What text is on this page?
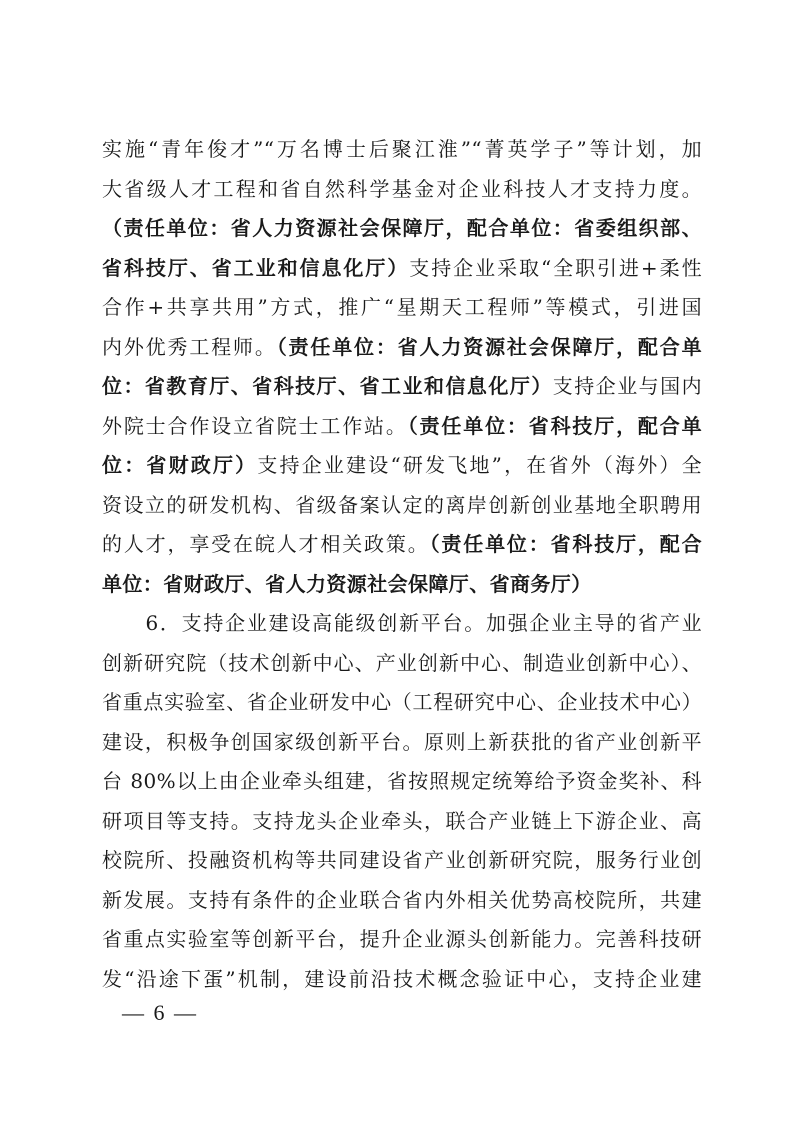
实施“青年俊才”“万名博士后聚江淮”“菁英学子”等计划，加
大省级人才工程和省自然科学基金对企业科技人才支持力度。
（责任单位：省人力资源社会保障厅，配合单位：省委组织部、
省科技厅、省工业和信息化厅）支持企业采取“全职引进+柔性
合作+共享共用”方式，推广“星期天工程师”等模式，引进国
内外优秀工程师。（责任单位：省人力资源社会保障厅，配合单
位：省教育厅、省科技厅、省工业和信息化厅）支持企业与国内
外院士合作设立省院士工作站。（责任单位：省科技厅，配合单
位：省财政厅）支持企业建设“研发飞地”，在省外（海外）全
资设立的研发机构、省级备案认定的离岸创新创业基地全职聘用
的人才，享受在皖人才相关政策。（责任单位：省科技厅，配合
单位：省财政厅、省人力资源社会保障厅、省商务厅）
　　6．支持企业建设高能级创新平台。加强企业主导的省产业
创新研究院（技术创新中心、产业创新中心、制造业创新中心）、
省重点实验室、省企业研发中心（工程研究中心、企业技术中心）
建设，积极争创国家级创新平台。原则上新获批的省产业创新平
台 80%以上由企业牵头组建，省按照规定统筹给予资金奖补、科
研项目等支持。支持龙头企业牵头，联合产业链上下游企业、高
校院所、投融资机构等共同建设省产业创新研究院，服务行业创
新发展。支持有条件的企业联合省内外相关优势高校院所，共建
省重点实验室等创新平台，提升企业源头创新能力。完善科技研
发“沿途下蛋”机制，建设前沿技术概念验证中心，支持企业建
— 6 —
